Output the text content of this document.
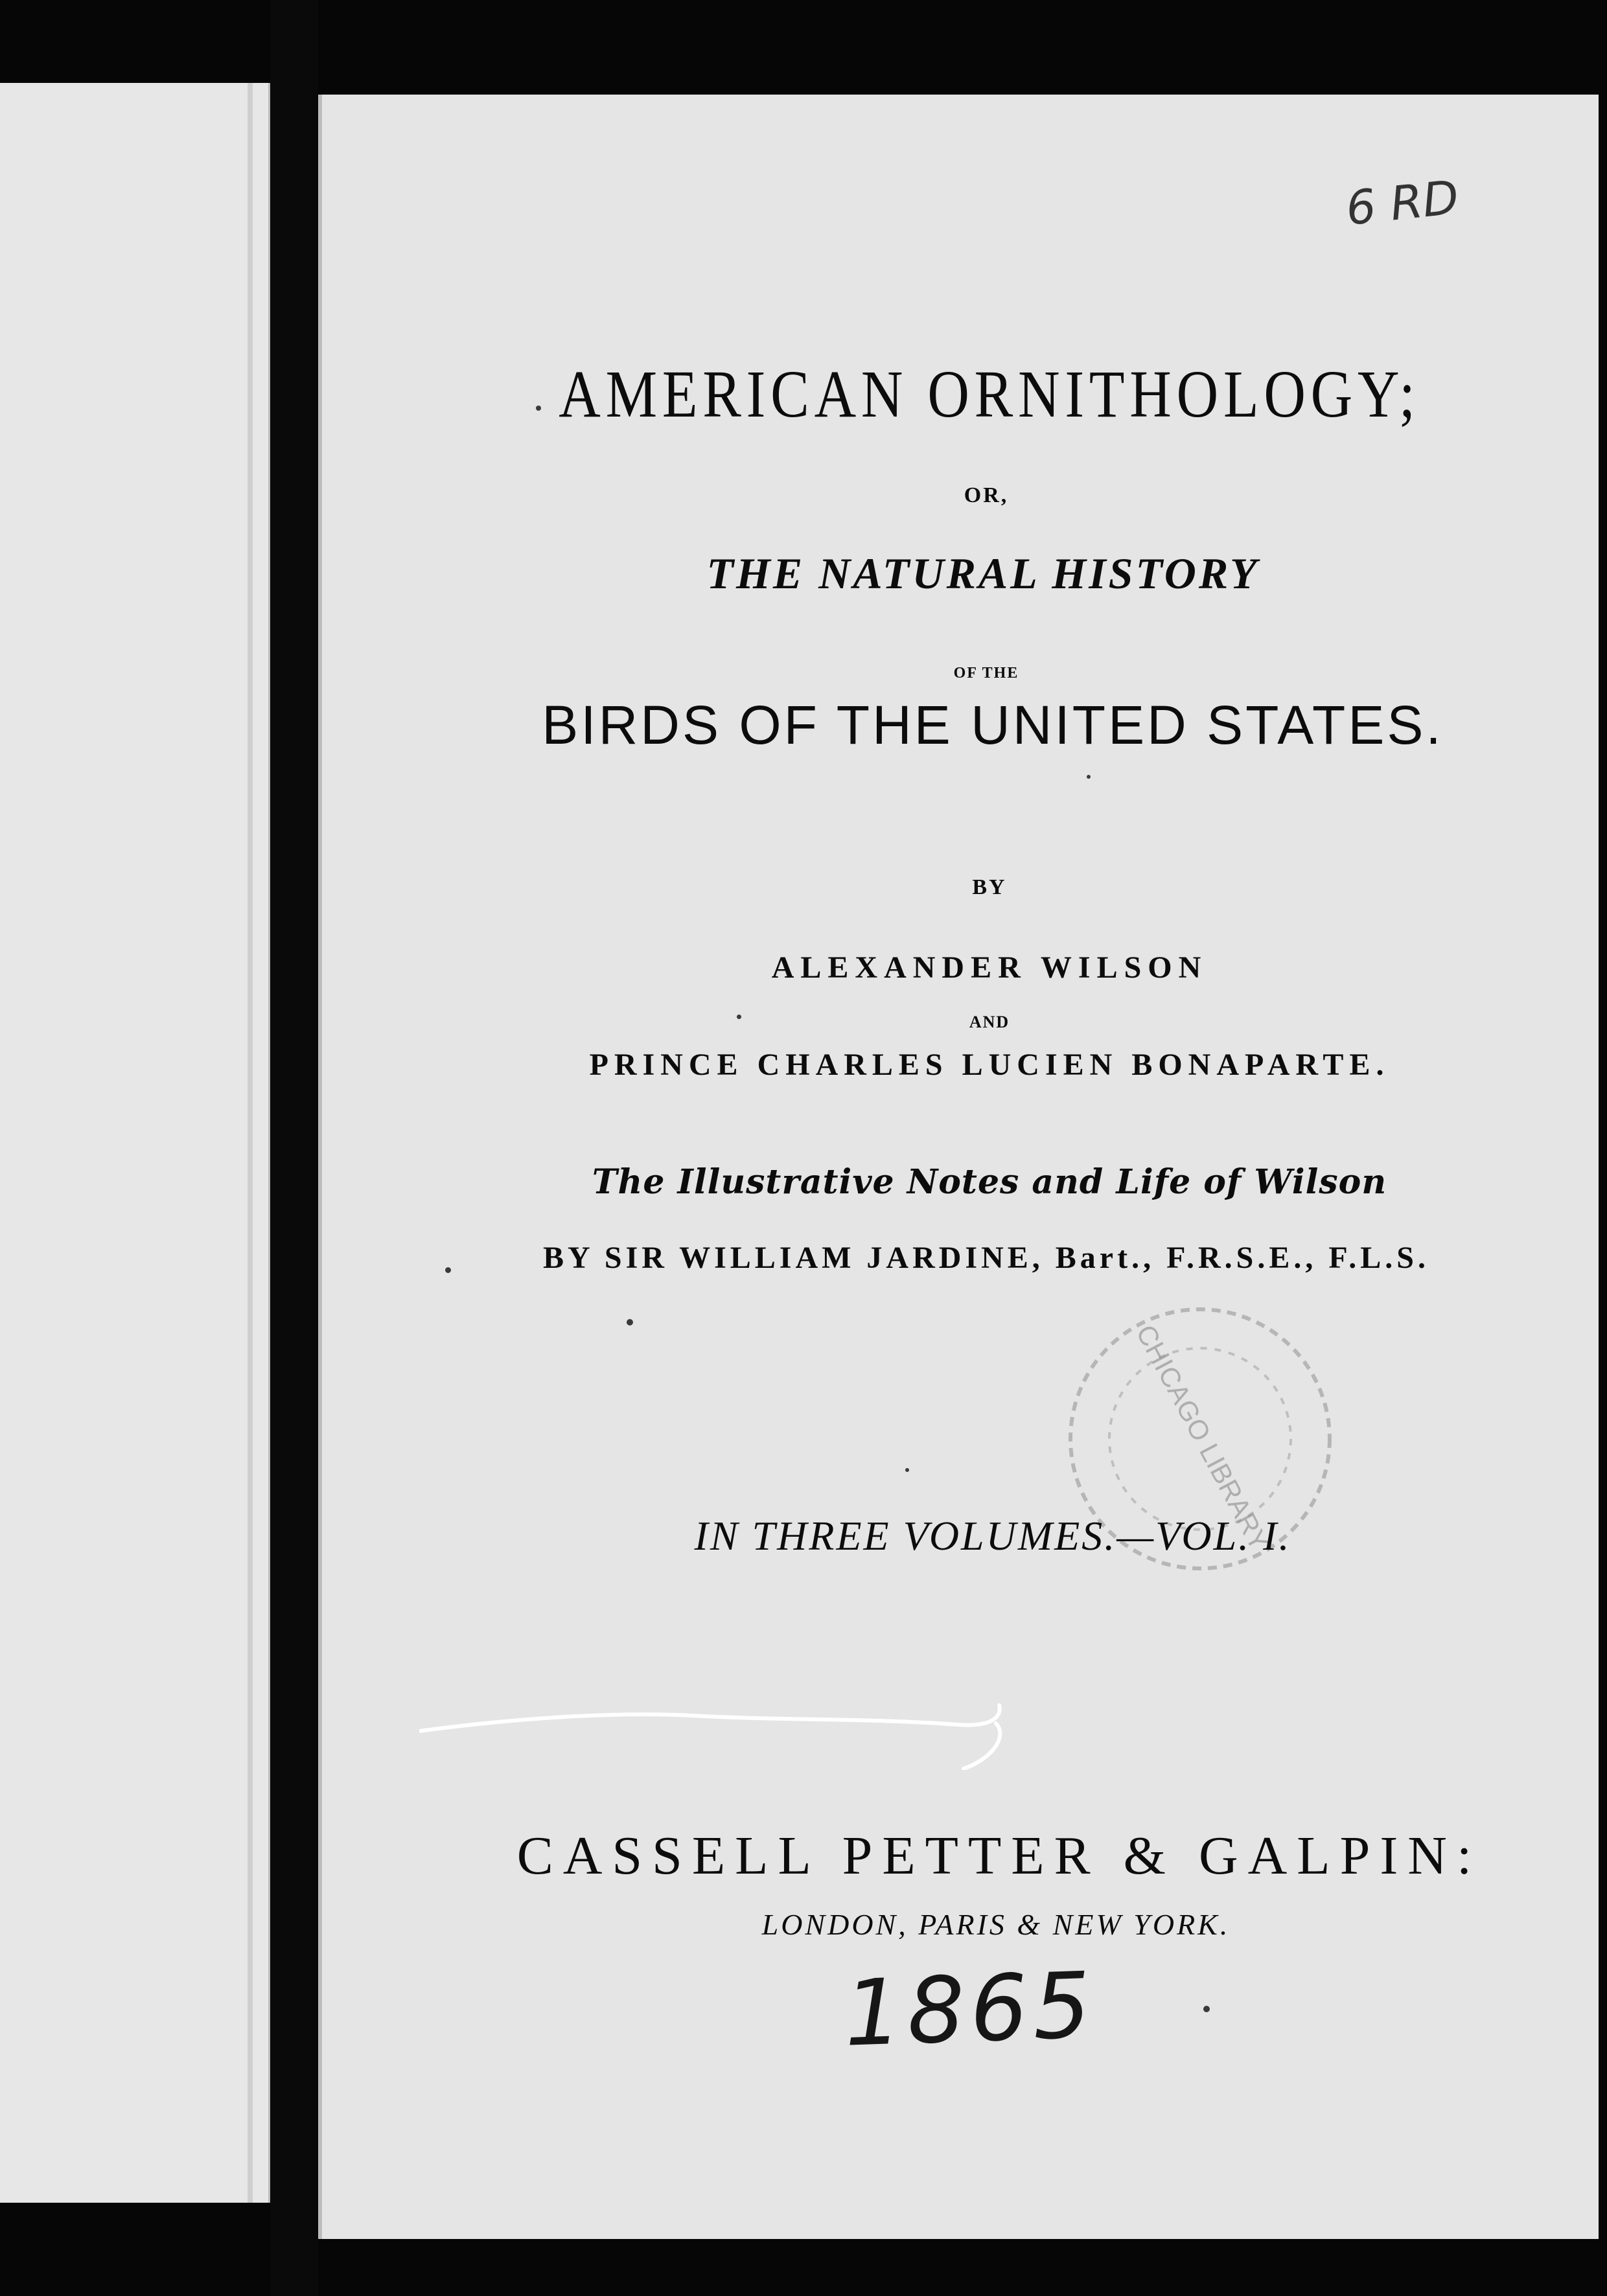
6 RD

AMERICAN ORNITHOLOGY;

OR,

THE NATURAL HISTORY

OF THE

BIRDS OF THE UNITED STATES.

BY

ALEXANDER WILSON

AND

PRINCE CHARLES LUCIEN BONAPARTE.

The Illustrative Notes and Life of Wilson

BY SIR WILLIAM JARDINE, Bart., F.R.S.E., F.L.S.

CHICAGO LIBRARY

IN THREE VOLUMES.—VOL. I.

CASSELL PETTER & GALPIN:

LONDON, PARIS & NEW YORK.

1865
